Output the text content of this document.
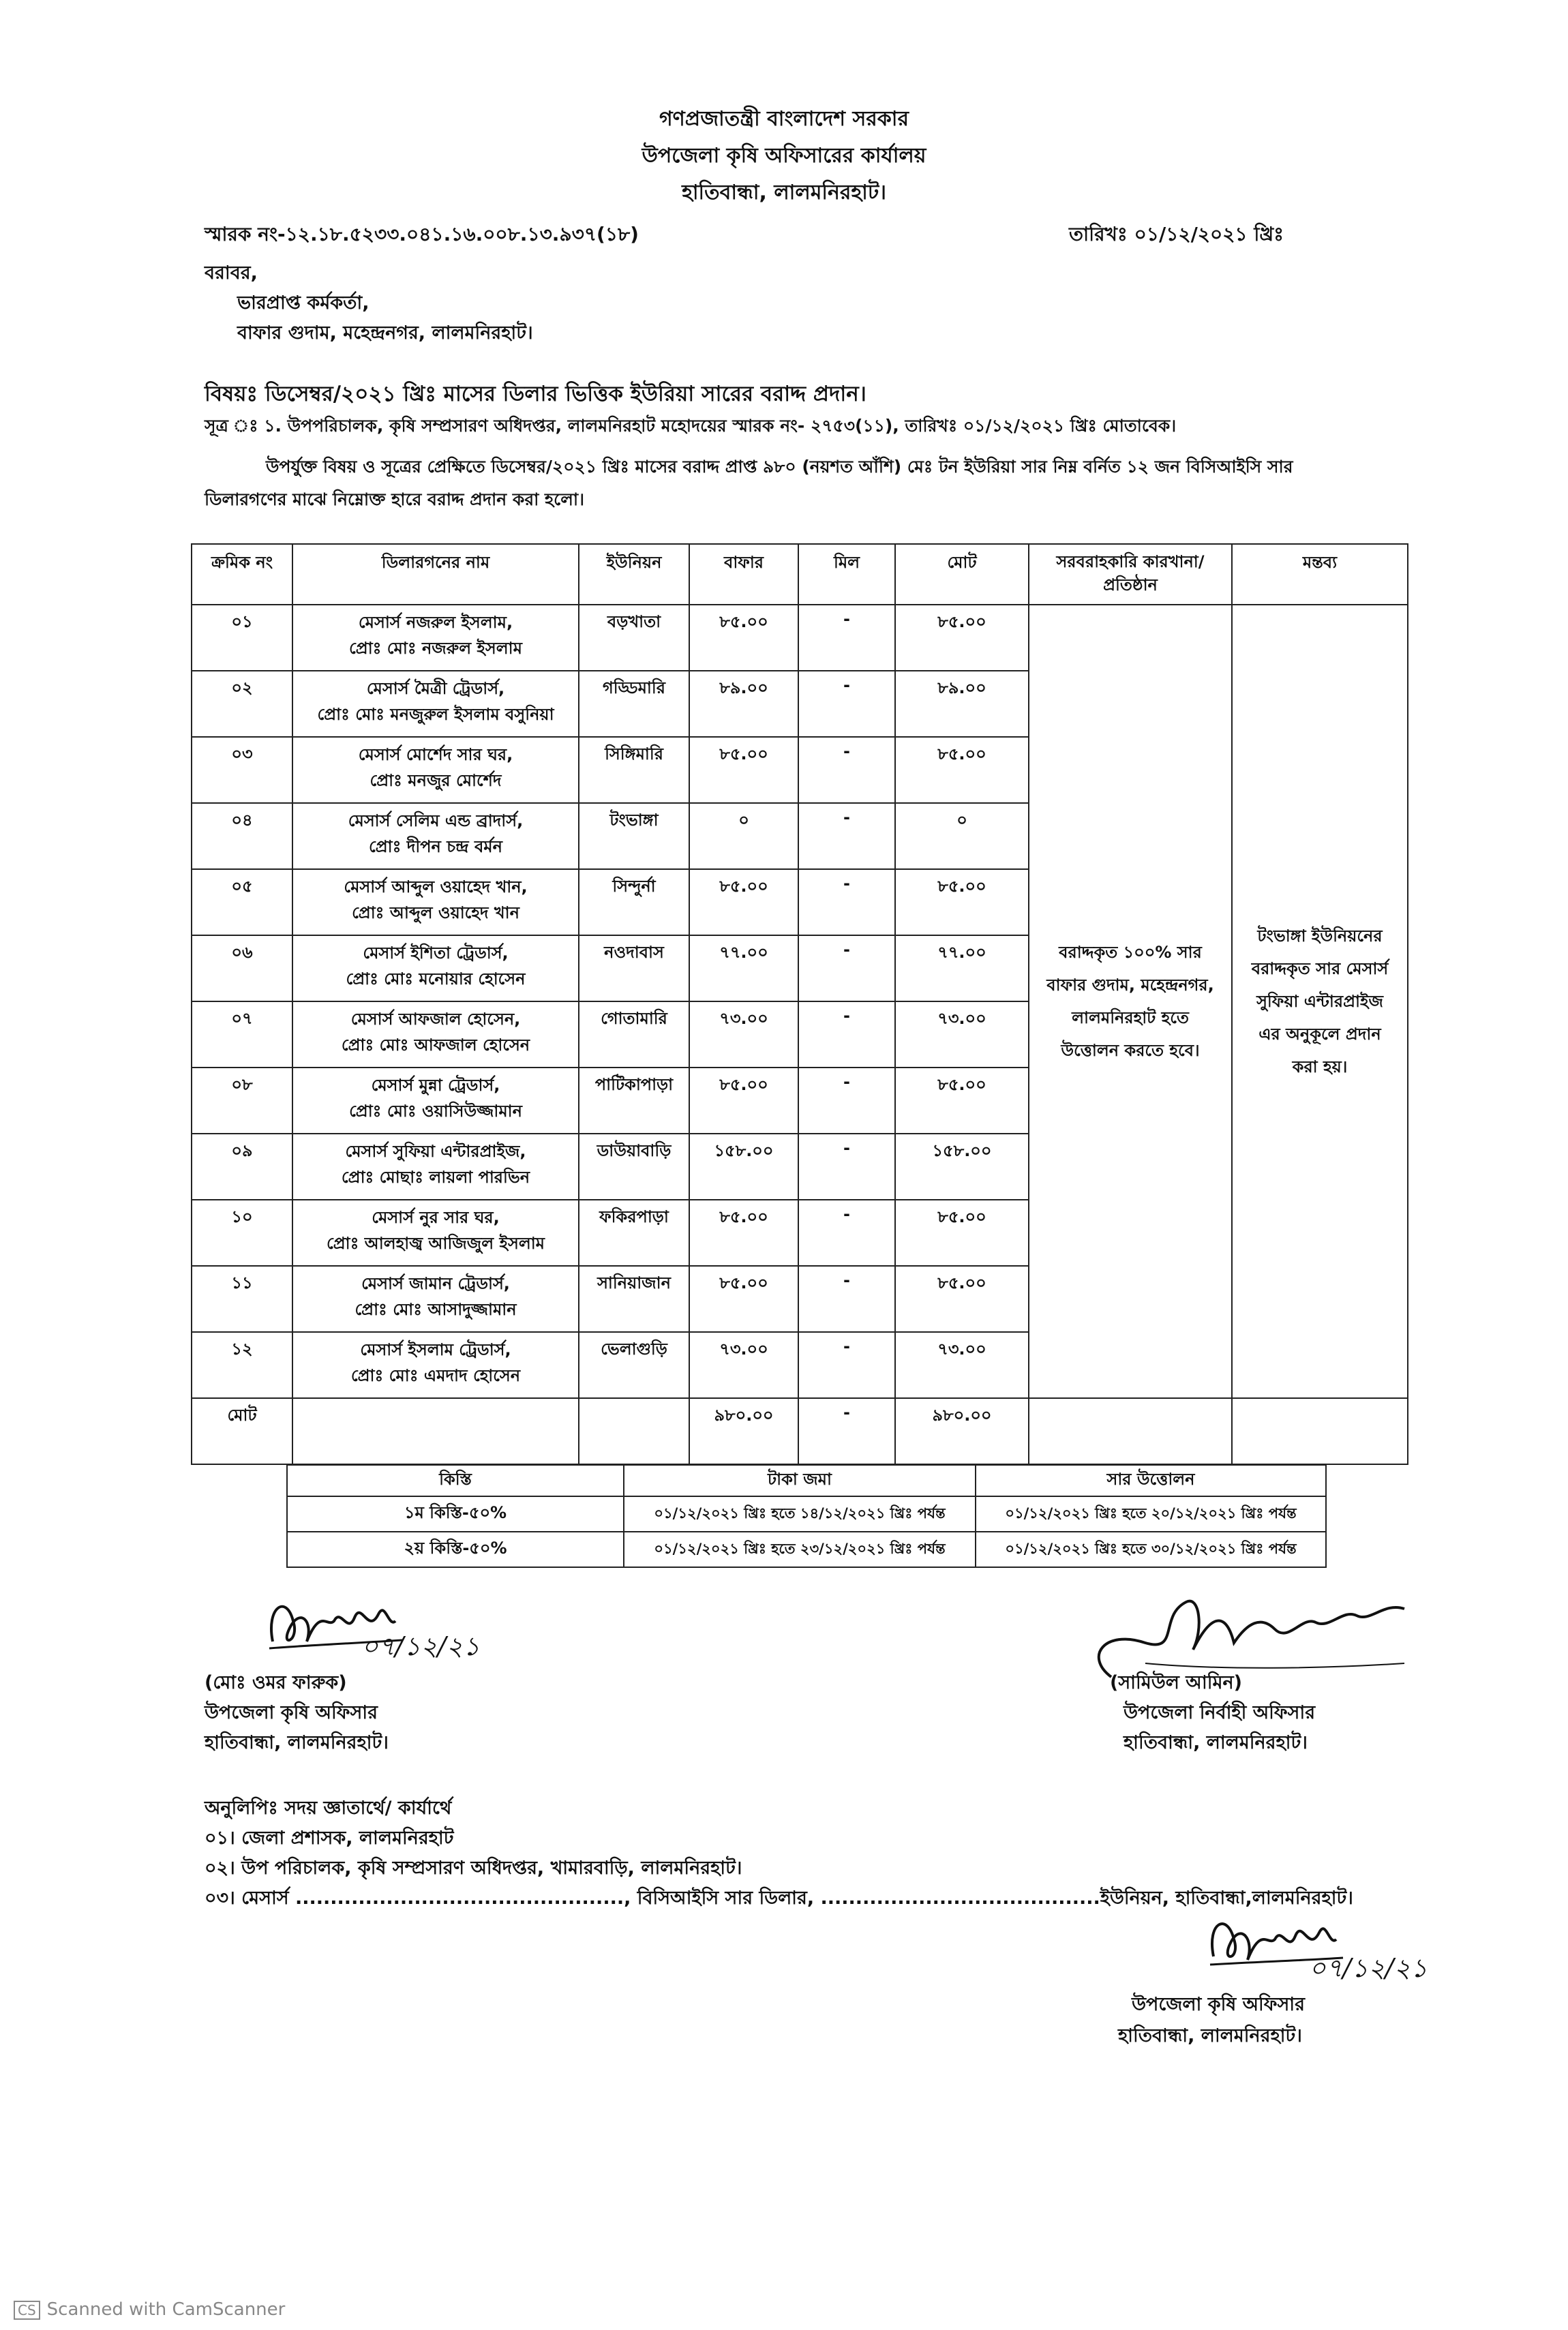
গণপ্রজাতন্ত্রী বাংলাদেশ সরকার
উপজেলা কৃষি অফিসারের কার্যালয়
হাতিবান্ধা, লালমনিরহাট।
স্মারক নং-১২.১৮.৫২৩৩.০৪১.১৬.০০৮.১৩.৯৩৭(১৮)	তারিখঃ ০১/১২/২০২১ খ্রিঃ
বরাবর,
ভারপ্রাপ্ত কর্মকর্তা,
বাফার গুদাম, মহেন্দ্রনগর, লালমনিরহাট।
বিষয়ঃ ডিসেম্বর/২০২১ খ্রিঃ মাসের ডিলার ভিত্তিক ইউরিয়া সারের বরাদ্দ প্রদান।
সূত্র ঃ ১. উপপরিচালক, কৃষি সম্প্রসারণ অধিদপ্তর, লালমনিরহাট মহোদয়ের স্মারক নং- ২৭৫৩(১১), তারিখঃ ০১/১২/২০২১ খ্রিঃ মোতাবেক।
উপর্যুক্ত বিষয় ও সূত্রের প্রেক্ষিতে ডিসেম্বর/২০২১ খ্রিঃ মাসের বরাদ্দ প্রাপ্ত ৯৮০ (নয়শত আঁশি) মেঃ টন ইউরিয়া সার নিম্ন বর্নিত ১২ জন বিসিআইসি সার
ডিলারগণের মাঝে নিম্নোক্ত হারে বরাদ্দ প্রদান করা হলো।
ক্রমিক নং	ডিলারগনের নাম	ইউনিয়ন	বাফার	মিল	মোট	সরবরাহকারি কারখানা/ প্রতিষ্ঠান	মন্তব্য
০১	মেসার্স নজরুল ইসলাম,
প্রোঃ মোঃ নজরুল ইসলাম	বড়খাতা	৮৫.০০	-	৮৫.০০	বরাদ্দকৃত ১০০% সার বাফার গুদাম, মহেন্দ্রনগর, লালমনিরহাট হতে উত্তোলন করতে হবে।	টংভাঙ্গা ইউনিয়নের বরাদ্দকৃত সার মেসার্স সুফিয়া এন্টারপ্রাইজ এর অনুকূলে প্রদান করা হয়।
০২	মেসার্স মৈত্রী ট্রেডার্স,
প্রোঃ মোঃ মনজুরুল ইসলাম বসুনিয়া	গড্ডিমারি	৮৯.০০	-	৮৯.০০		
০৩	মেসার্স মোর্শেদ সার ঘর,
প্রোঃ মনজুর মোর্শেদ	সিঙ্গিমারি	৮৫.০০	-	৮৫.০০		
০৪	মেসার্স সেলিম এন্ড ব্রাদার্স,
প্রোঃ দীপন চন্দ্র বর্মন	টংভাঙ্গা	০	-	০		
০৫	মেসার্স আব্দুল ওয়াহেদ খান,
প্রোঃ আব্দুল ওয়াহেদ খান	সিন্দুর্না	৮৫.০০	-	৮৫.০০		
০৬	মেসার্স ইশিতা ট্রেডার্স,
প্রোঃ মোঃ মনোয়ার হোসেন	নওদাবাস	৭৭.০০	-	৭৭.০০		
০৭	মেসার্স আফজাল হোসেন,
প্রোঃ মোঃ আফজাল হোসেন	গোতামারি	৭৩.০০	-	৭৩.০০		
০৮	মেসার্স মুন্না ট্রেডার্স,
প্রোঃ মোঃ ওয়াসিউজ্জামান	পাটিকাপাড়া	৮৫.০০	-	৮৫.০০		
০৯	মেসার্স সুফিয়া এন্টারপ্রাইজ,
প্রোঃ মোছাঃ লায়লা পারভিন	ডাউয়াবাড়ি	১৫৮.০০	-	১৫৮.০০		
১০	মেসার্স নুর সার ঘর,
প্রোঃ আলহাজ্ব আজিজুল ইসলাম	ফকিরপাড়া	৮৫.০০	-	৮৫.০০		
১১	মেসার্স জামান ট্রেডার্স,
প্রোঃ মোঃ আসাদুজ্জামান	সানিয়াজান	৮৫.০০	-	৮৫.০০		
১২	মেসার্স ইসলাম ট্রেডার্স,
প্রোঃ মোঃ এমদাদ হোসেন	ভেলাগুড়ি	৭৩.০০	-	৭৩.০০		
মোট			৯৮০.০০	-	৯৮০.০০		
কিস্তি	টাকা জমা	সার উত্তোলন
১ম কিস্তি-৫০%	০১/১২/২০২১ খ্রিঃ হতে ১৪/১২/২০২১ খ্রিঃ পর্যন্ত	০১/১২/২০২১ খ্রিঃ হতে ২০/১২/২০২১ খ্রিঃ পর্যন্ত
২য় কিস্তি-৫০%	০১/১২/২০২১ খ্রিঃ হতে ২৩/১২/২০২১ খ্রিঃ পর্যন্ত	০১/১২/২০২১ খ্রিঃ হতে ৩০/১২/২০২১ খ্রিঃ পর্যন্ত
০৭/১২/২১
(মোঃ ওমর ফারুক)
উপজেলা কৃষি অফিসার
হাতিবান্ধা, লালমনিরহাট।
(সামিউল আমিন)
উপজেলা নির্বাহী অফিসার
হাতিবান্ধা, লালমনিরহাট।
অনুলিপিঃ সদয় জ্ঞাতার্থে/ কার্যার্থে
০১। জেলা প্রশাসক, লালমনিরহাট
০২। উপ পরিচালক, কৃষি সম্প্রসারণ অধিদপ্তর, খামারবাড়ি, লালমনিরহাট।
০৩। মেসার্স ..............................................., বিসিআইসি সার ডিলার, ........................................ইউনিয়ন, হাতিবান্ধা,লালমনিরহাট।
০৭/১২/২১
উপজেলা কৃষি অফিসার
হাতিবান্ধা, লালমনিরহাট।
CS Scanned with CamScanner
